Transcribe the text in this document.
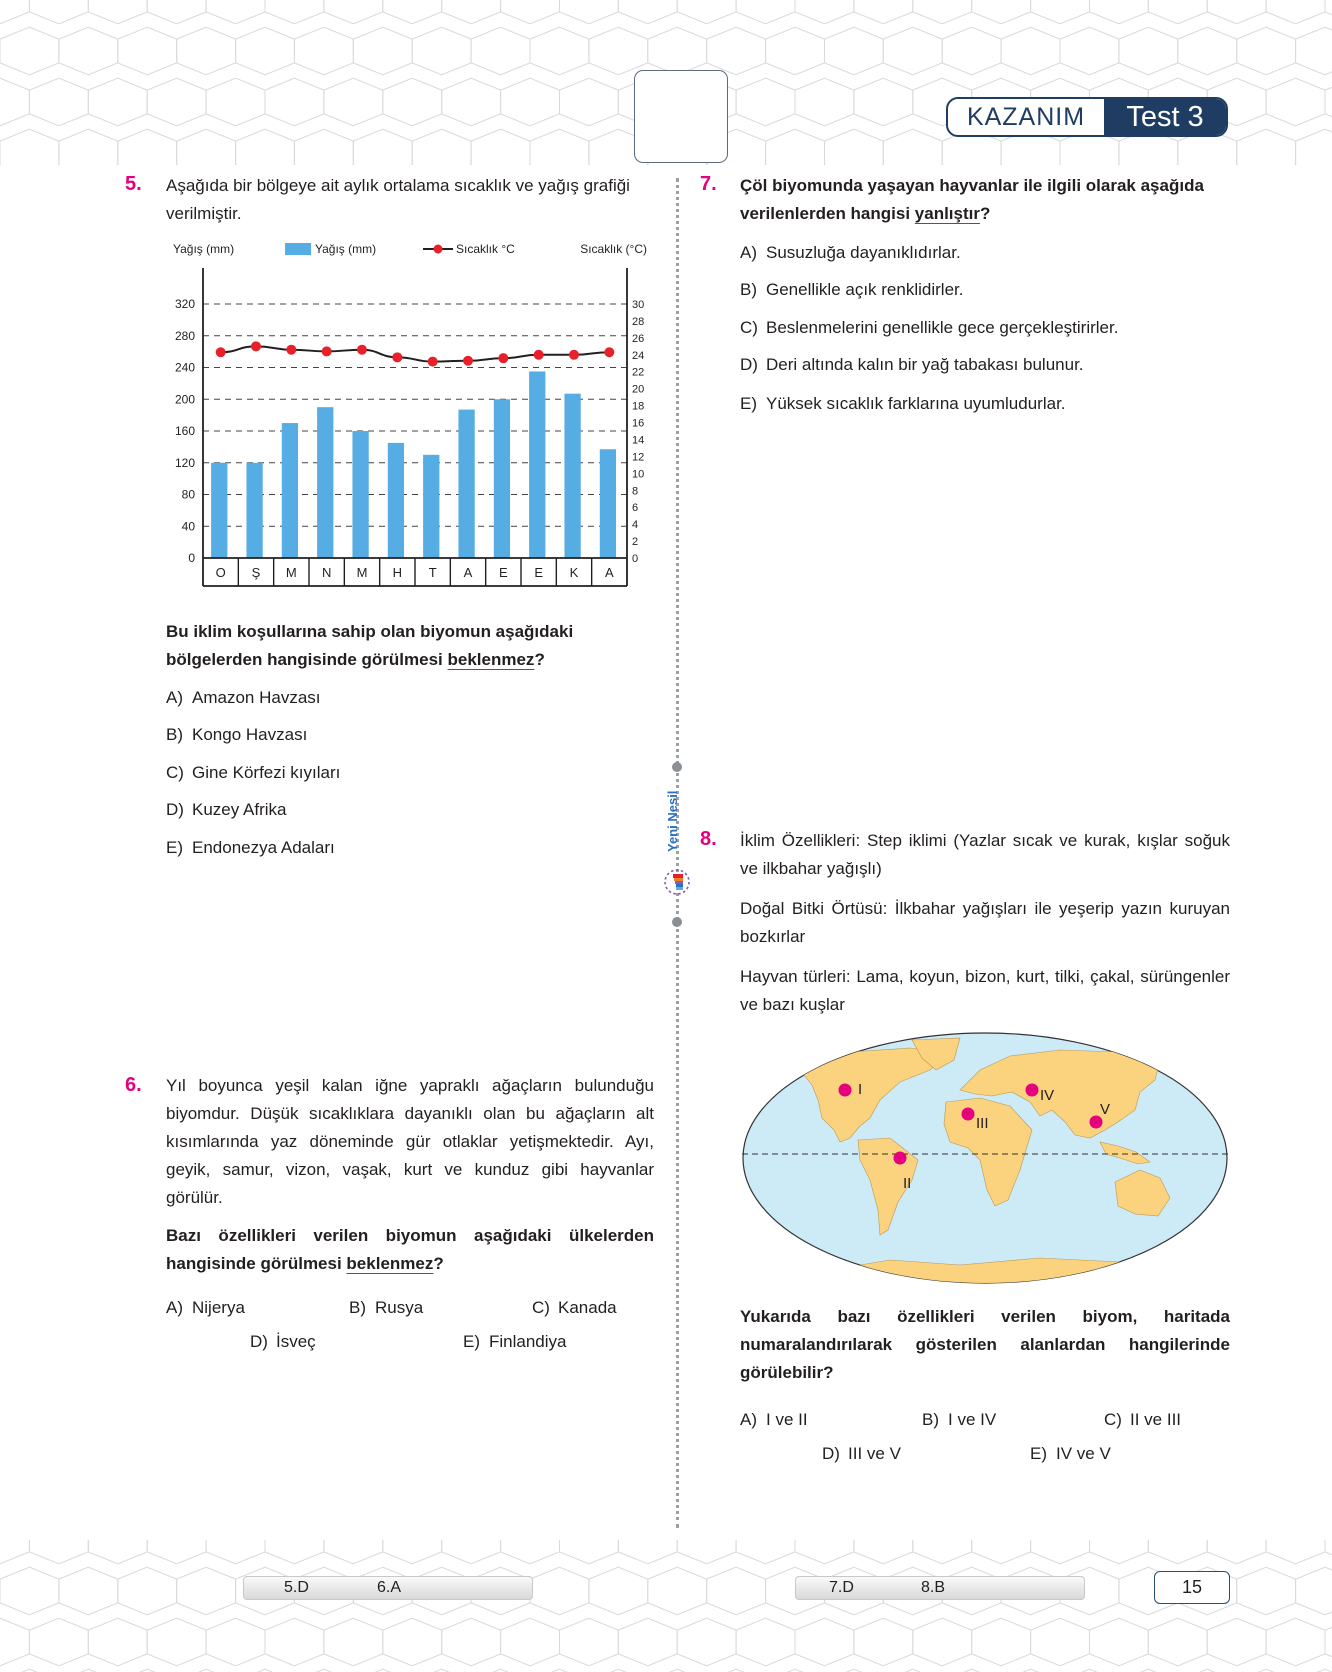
KAZANIM	Test 3
Yeni Nesil
5. Aşağıda bir bölgeye ait aylık ortalama sıcaklık ve yağış grafiği verilmiştir.
Yağış (mm)	Yağış (mm)	Sıcaklık °C	Sıcaklık (°C)
0
40
80
120
160
200
240
280
320
0
2
4
6
8
10
12
14
16
18
20
22
24
26
28
30
O Ş M N M H T A E E K A
Bu iklim koşullarına sahip olan biyomun aşağıdaki bölgelerden hangisinde görülmesi beklenmez?
A) Amazon Havzası
B) Kongo Havzası
C) Gine Körfezi kıyıları
D) Kuzey Afrika
E) Endonezya Adaları
6. Yıl boyunca yeşil kalan iğne yapraklı ağaçların bulunduğu biyomdur. Düşük sıcaklıklara dayanıklı olan bu ağaçların alt kısımlarında yaz döneminde gür otlaklar yetişmektedir. Ayı, geyik, samur, vizon, vaşak, kurt ve kunduz gibi hayvanlar görülür.
Bazı özellikleri verilen biyomun aşağıdaki ülkelerden hangisinde görülmesi beklenmez?
A) Nijerya	B) Rusya	C) Kanada
D) İsveç	E) Finlandiya
7. Çöl biyomunda yaşayan hayvanlar ile ilgili olarak aşağıda verilenlerden hangisi yanlıştır?
A) Susuzluğa dayanıklıdırlar.
B) Genellikle açık renklidirler.
C) Beslenmelerini genellikle gece gerçekleştirirler.
D) Deri altında kalın bir yağ tabakası bulunur.
E) Yüksek sıcaklık farklarına uyumludurlar.
8. İklim Özellikleri: Step iklimi (Yazlar sıcak ve kurak, kışlar soğuk ve ilkbahar yağışlı)
Doğal Bitki Örtüsü: İlkbahar yağışları ile yeşerip yazın kuruyan bozkırlar
Hayvan türleri: Lama, koyun, bizon, kurt, tilki, çakal, sürüngenler ve bazı kuşlar
I
II
III
IV
V
Yukarıda bazı özellikleri verilen biyom, haritada numaralandırılarak gösterilen alanlardan hangilerinde görülebilir?
A) I ve II	B) I ve IV	C) II ve III
D) III ve V	E) IV ve V
5.D	6.A	7.D	8.B	15
